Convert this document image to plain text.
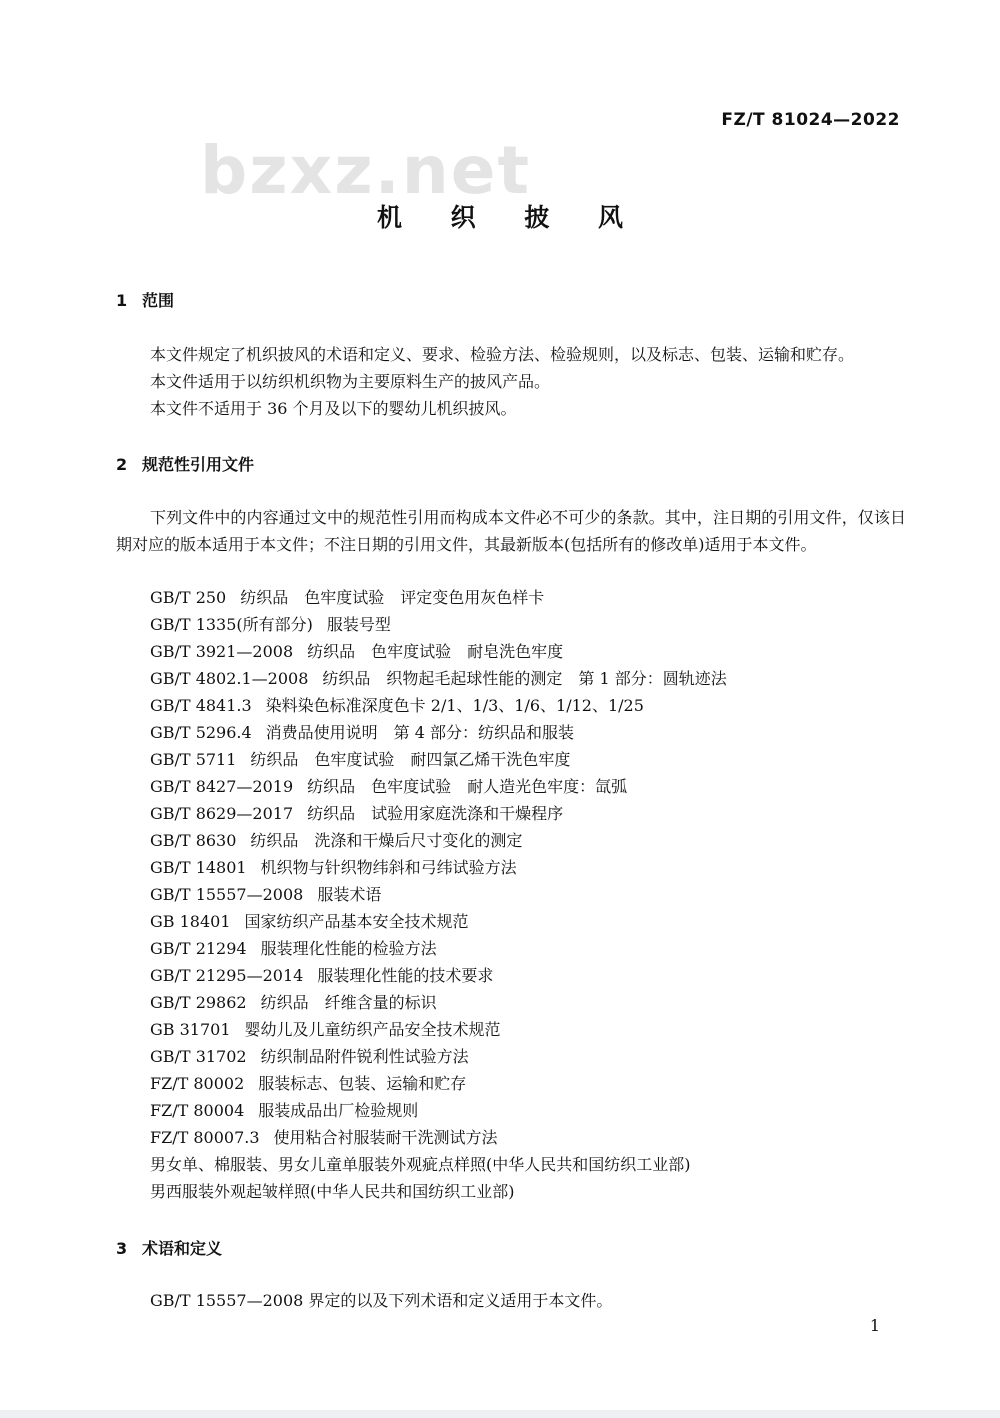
bzxz.net
FZ/T 81024—2022
机 织 披 风
1 范围
本文件规定了机织披风的术语和定义、要求、检验方法、检验规则，以及标志、包装、运输和贮存。
本文件适用于以纺织机织物为主要原料生产的披风产品。
本文件不适用于 36 个月及以下的婴幼儿机织披风。
2 规范性引用文件
下列文件中的内容通过文中的规范性引用而构成本文件必不可少的条款。其中，注日期的引用文件，仅该日期对应的版本适用于本文件；不注日期的引用文件，其最新版本(包括所有的修改单)适用于本文件。
GB/T 250 纺织品　色牢度试验　评定变色用灰色样卡
GB/T 1335(所有部分) 服装号型
GB/T 3921—2008 纺织品　色牢度试验　耐皂洗色牢度
GB/T 4802.1—2008 纺织品　织物起毛起球性能的测定　第 1 部分：圆轨迹法
GB/T 4841.3 染料染色标准深度色卡 2/1、1/3、1/6、1/12、1/25
GB/T 5296.4 消费品使用说明　第 4 部分：纺织品和服装
GB/T 5711 纺织品　色牢度试验　耐四氯乙烯干洗色牢度
GB/T 8427—2019 纺织品　色牢度试验　耐人造光色牢度：氙弧
GB/T 8629—2017 纺织品　试验用家庭洗涤和干燥程序
GB/T 8630 纺织品　洗涤和干燥后尺寸变化的测定
GB/T 14801 机织物与针织物纬斜和弓纬试验方法
GB/T 15557—2008 服装术语
GB 18401 国家纺织产品基本安全技术规范
GB/T 21294 服装理化性能的检验方法
GB/T 21295—2014 服装理化性能的技术要求
GB/T 29862 纺织品　纤维含量的标识
GB 31701 婴幼儿及儿童纺织产品安全技术规范
GB/T 31702 纺织制品附件锐利性试验方法
FZ/T 80002 服装标志、包装、运输和贮存
FZ/T 80004 服装成品出厂检验规则
FZ/T 80007.3 使用粘合衬服装耐干洗测试方法
男女单、棉服装、男女儿童单服装外观疵点样照(中华人民共和国纺织工业部)
男西服装外观起皱样照(中华人民共和国纺织工业部)
3 术语和定义
GB/T 15557—2008 界定的以及下列术语和定义适用于本文件。
1
